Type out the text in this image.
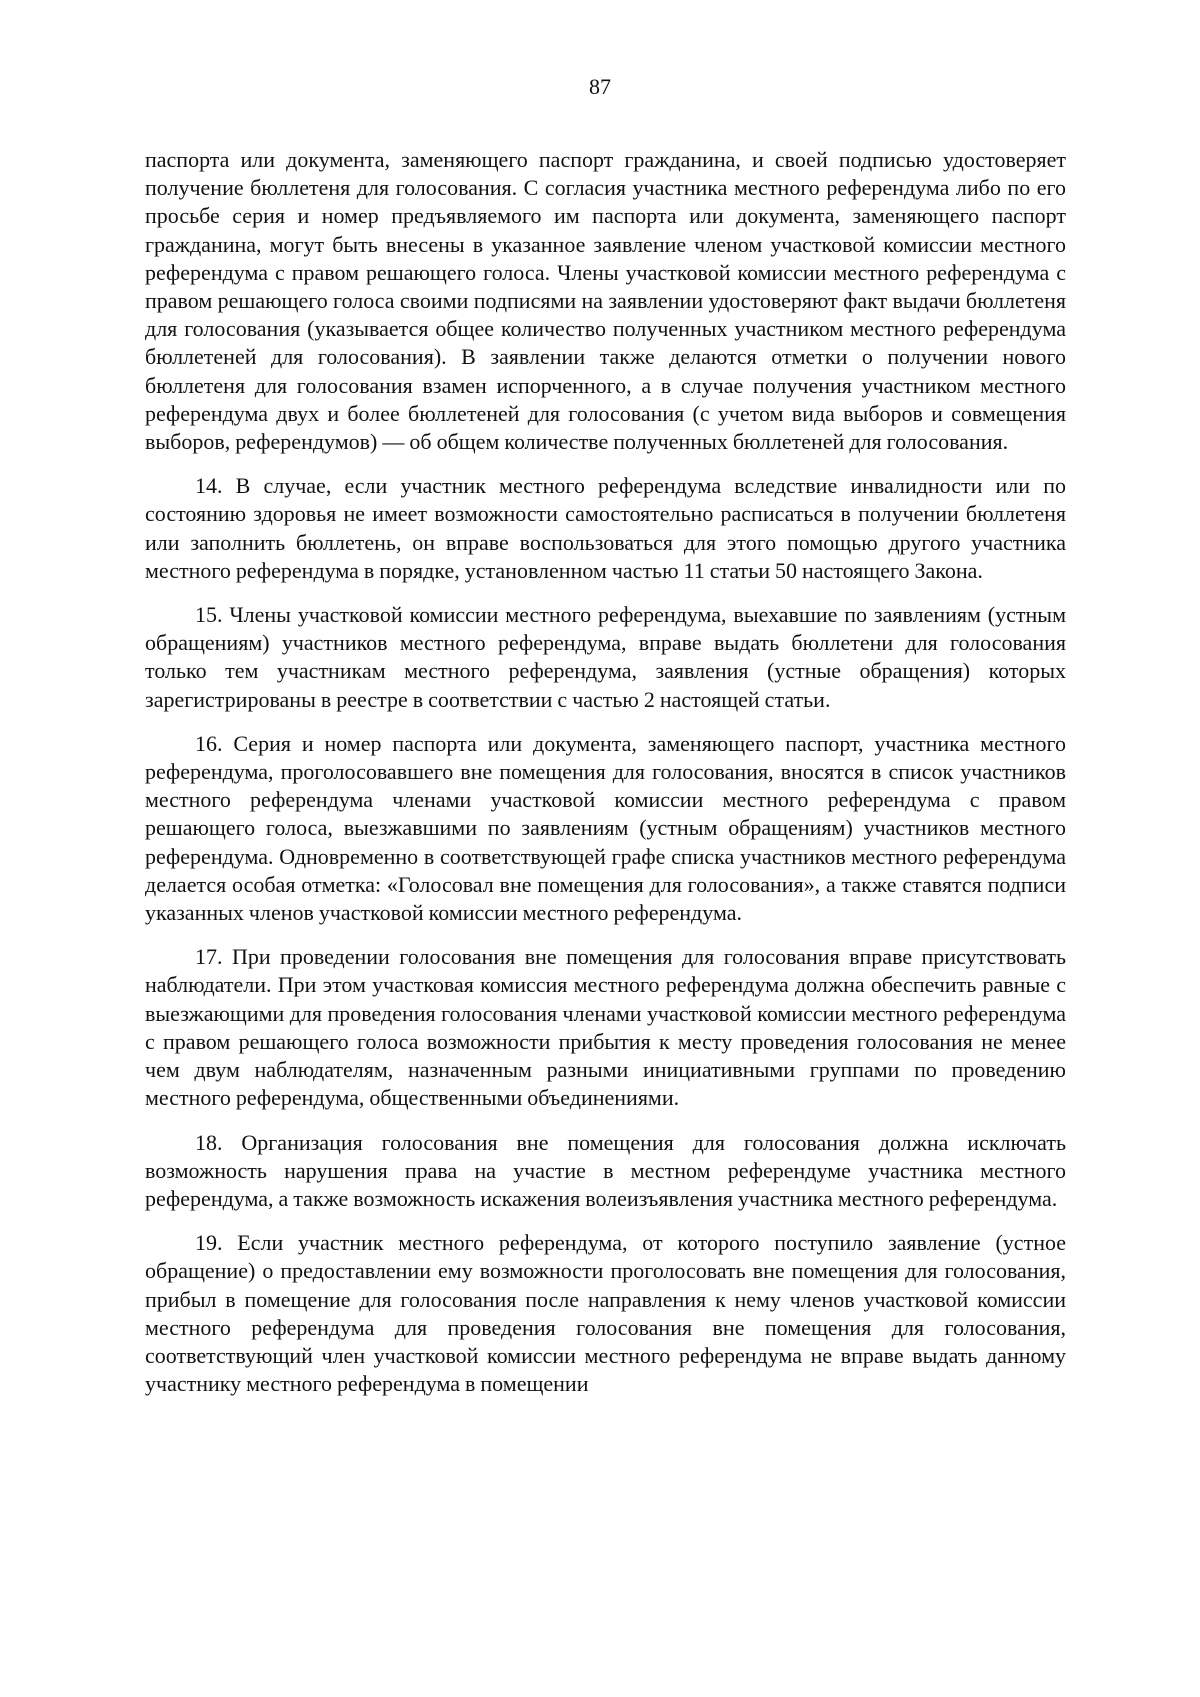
87

паспорта или документа, заменяющего паспорт гражданина, и своей подписью удостоверяет получение бюллетеня для голосования. С согласия участника местного референдума либо по его просьбе серия и номер предъявляемого им паспорта или документа, заменяющего паспорт гражданина, могут быть внесены в указанное заявление членом участковой комиссии местного референдума с правом решающего голоса. Члены участковой комиссии местного референдума с правом решающего голоса своими подписями на заявлении удостоверяют факт выдачи бюллетеня для голосования (указывается общее количество полученных участником местного референдума бюллетеней для голосования). В заявлении также делаются отметки о получении нового бюллетеня для голосования взамен испорченного, а в случае получения участником местного референдума двух и более бюллетеней для голосования (с учетом вида выборов и совмещения выборов, референдумов) — об общем количестве полученных бюллетеней для голосования.

14. В случае, если участник местного референдума вследствие инвалидности или по состоянию здоровья не имеет возможности самостоятельно расписаться в получении бюллетеня или заполнить бюллетень, он вправе воспользоваться для этого помощью другого участника местного референдума в порядке, установленном частью 11 статьи 50 настоящего Закона.

15. Члены участковой комиссии местного референдума, выехавшие по заявлениям (устным обращениям) участников местного референдума, вправе выдать бюллетени для голосования только тем участникам местного референдума, заявления (устные обращения) которых зарегистрированы в реестре в соответствии с частью 2 настоящей статьи.

16. Серия и номер паспорта или документа, заменяющего паспорт, участника местного референдума, проголосовавшего вне помещения для голосования, вносятся в список участников местного референдума членами участковой комиссии местного референдума с правом решающего голоса, выезжавшими по заявлениям (устным обращениям) участников местного референдума. Одновременно в соответствующей графе списка участников местного референдума делается особая отметка: «Голосовал вне помещения для голосования», а также ставятся подписи указанных членов участковой комиссии местного референдума.

17. При проведении голосования вне помещения для голосования вправе присутствовать наблюдатели. При этом участковая комиссия местного референдума должна обеспечить равные с выезжающими для проведения голосования членами участковой комиссии местного референдума с правом решающего голоса возможности прибытия к месту проведения голосования не менее чем двум наблюдателям, назначенным разными инициативными группами по проведению местного референдума, общественными объединениями.

18. Организация голосования вне помещения для голосования должна исключать возможность нарушения права на участие в местном референдуме участника местного референдума, а также возможность искажения волеизъявления участника местного референдума.

19. Если участник местного референдума, от которого поступило заявление (устное обращение) о предоставлении ему возможности проголосовать вне помещения для голосования, прибыл в помещение для голосования после направления к нему членов участковой комиссии местного референдума для проведения голосования вне помещения для голосования, соответствующий член участковой комиссии местного референдума не вправе выдать данному участнику местного референдума в помещении
